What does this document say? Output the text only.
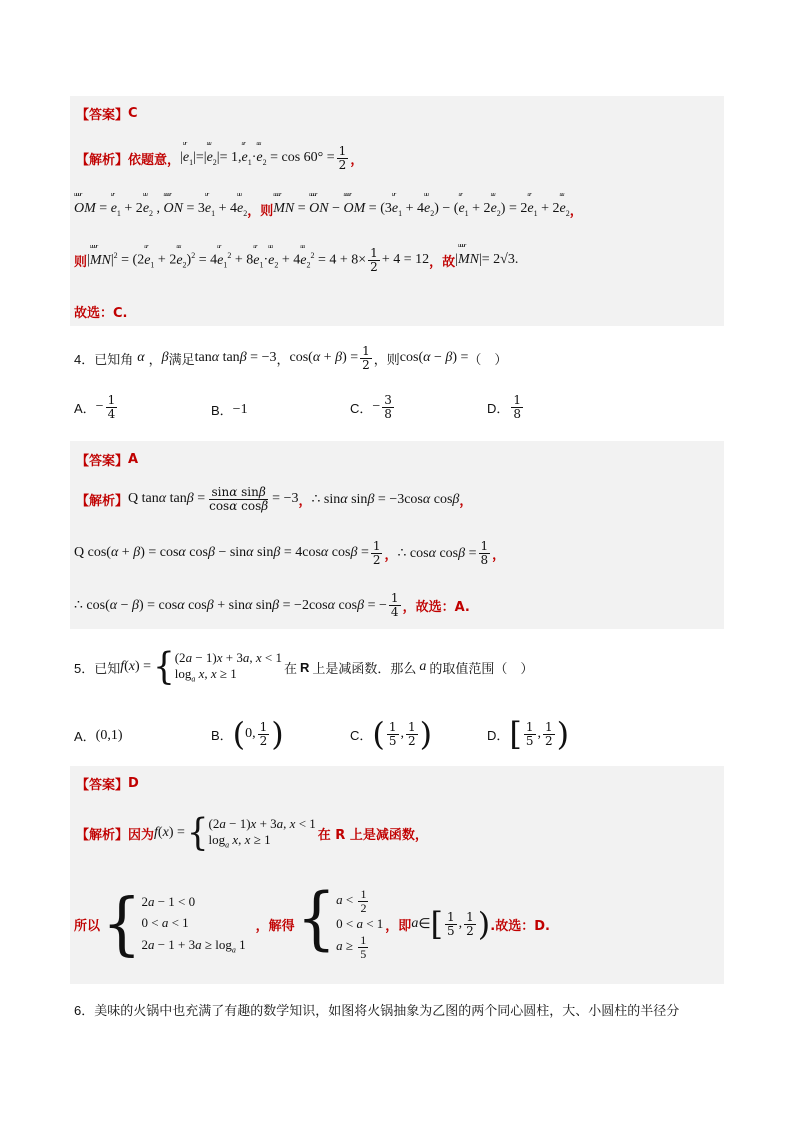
【答案】 C
【解析】 依题意， |ur $e_1|=|uu$ $e_2|= 1,ur$ $e_1\cdot uu$ $e_2 = \cos 60^\circ = \frac{1}{2}$ ，
uuur OM = ur $e_1 + 2uu$ $e_2$ , uuur ON = 3ur $e_1 + 4uu$ $e_2$ ，则
uuur MN = uuur ON − uuur OM = (3ur $e_1 + 4uu$ $e_2) - (ur$ $e_1 + 2uu$ $e_2) = 2ur$ $e_1 + 2uu$ $e_2$ ，
则 |uuur $MN|^2 = (2ur$ $e_1 + 2uu$ $e_2)^2 = 4ur$ $e_1^2 + 8ur$ $e_1\cdot uu$ $e_2 + 4uu$ $e_2^2 = 4 + 8\times \frac{1}{2} + 4 = 12$ ，故 |uuur MN|= 2√3 .
故选：C.
4．已知角 α ， β 满足 tanα tanβ = −3 ， $\cos(\alpha + \beta) = \frac{1}{2}$ ，则 cos(α − β) = （　）
A． − $\frac{1}{4}$	B． −1	C． − $\frac{3}{8}$	D． $\frac{1}{8}$
【答案】 A
【解析】 Q tanα $\tan\beta = \frac{\text{sinα sinβ}}{\text{cosα cosβ}} = -3$ ， ∴ sinα sinβ = −3cosα cosβ ，
Q cos(α + β) = cosα cosβ − sinα sinβ = 4cosα $\cos\beta = \frac{1}{2}$ ， ∴ cosα $\cos\beta = \frac{1}{8}$ ，
∴ cos(α − β) = cosα cosβ + sinα sinβ = −2cosα cosβ = − $\frac{1}{4}$ ， 故选：A.
5．已知 f(x) = { (2a − 1)x + 3a, x < 1
$\log_a x$, x ≥ 1	在 R 上是减函数．那么 a 的取值范围（　）
A． (0,1)	B． ( 0, $\frac{1}{2}$ )	C． ( $\frac{1}{5}$ , $\frac{1}{2}$ )	D． [ $\frac{1}{5}$ , $\frac{1}{2}$ )
【答案】 D
【解析】 因为 f(x) = { (2a − 1)x + 3a, x < 1
$\log_a x$, x ≥ 1	在 R 上是减函数，
所以 { 2a − 1 < 0
0 < a < 1
$2a - 1 + 3a \ge \log_a 1$
，解得 { $a < \frac{1}{2}$
0 < a < 1
$a \ge \frac{1}{5}$
，即 a ∈ [ $\frac{1}{5}$ , $\frac{1}{2}$ ) .故选：D.
6．美味的火锅中也充满了有趣的数学知识，如图将火锅抽象为乙图的两个同心圆柱，大、小圆柱的半径分
